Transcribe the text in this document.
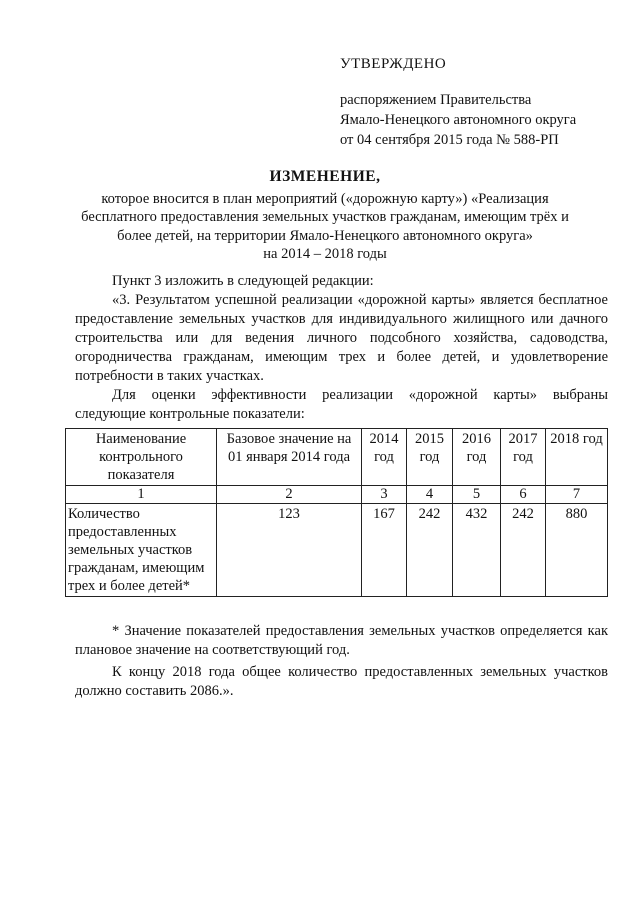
УТВЕРЖДЕНО
распоряжением Правительства
Ямало-Ненецкого автономного округа
от 04 сентября 2015 года № 588-РП
ИЗМЕНЕНИЕ,
которое вносится в план мероприятий («дорожную карту») «Реализация
бесплатного предоставления земельных участков гражданам, имеющим трёх и
более детей, на территории Ямало-Ненецкого автономного округа»
на 2014 – 2018 годы

Пункт 3 изложить в следующей редакции:

«3. Результатом успешной реализации «дорожной карты» является бесплатное предоставление земельных участков для индивидуального жилищного или дачного строительства или для ведения личного подсобного хозяйства, садоводства, огородничества гражданам, имеющим трех и более детей, и удовлетворение потребности в таких участках.

Для оценки эффективности реализации «дорожной карты» выбраны следующие контрольные показатели:

Наименование контрольного показателя	Базовое значение на 01 января 2014 года	2014 год	2015 год	2016 год	2017 год	2018 год
1	2	3	4	5	6	7
Количество предоставленных земельных участков гражданам, имеющим трех и более детей*	123	167	242	432	242	880

* Значение показателей предоставления земельных участков определяется как плановое значение на соответствующий год.

К концу 2018 года общее количество предоставленных земельных участков должно составить 2086.».
